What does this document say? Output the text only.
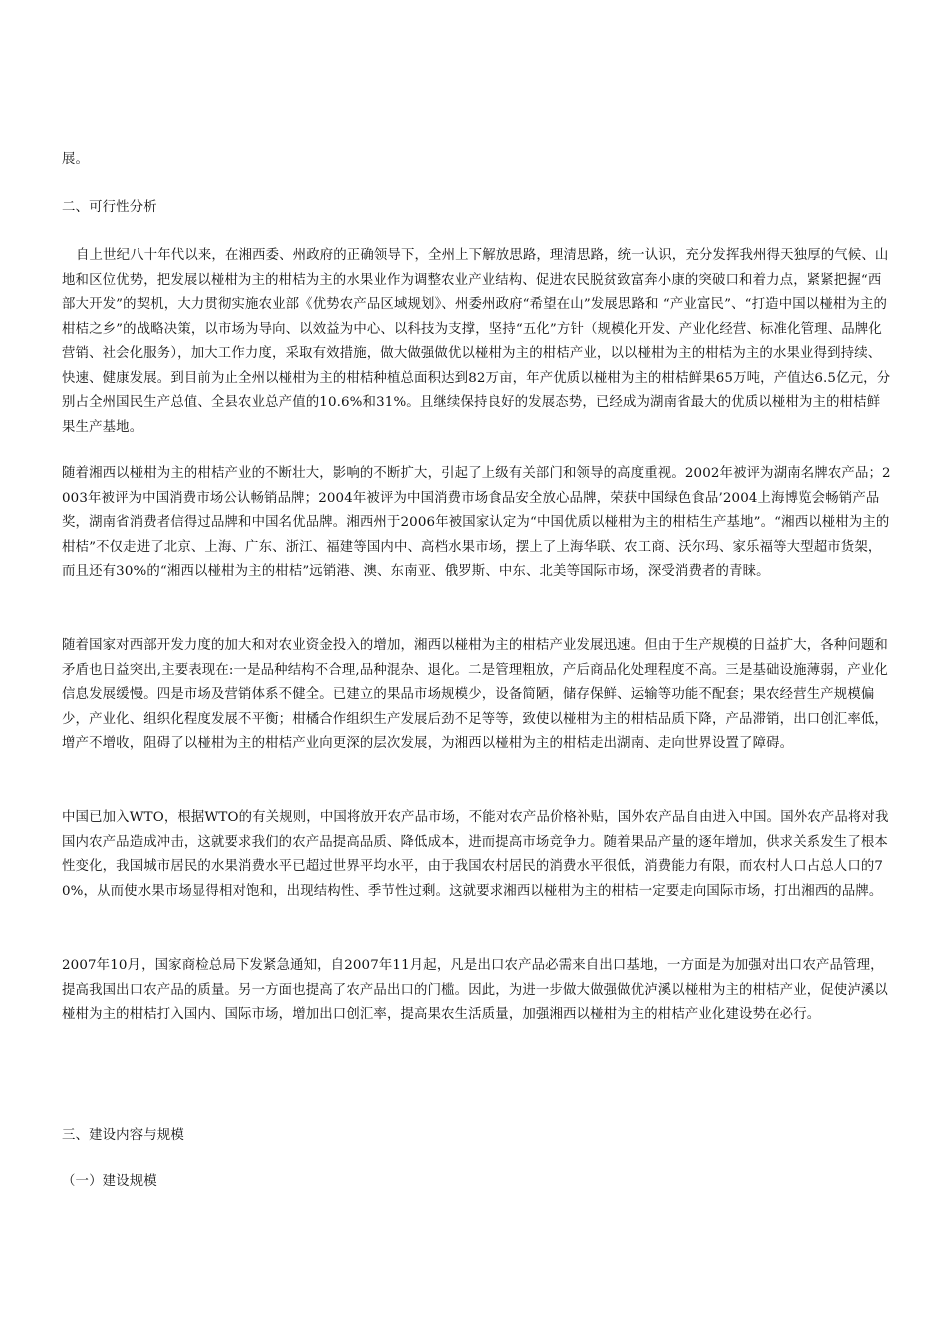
展。

二、可行性分析

自上世纪八十年代以来，在湘西委、州政府的正确领导下，全州上下解放思路，理清思路，统一认识，充分发挥我州得天独厚的气候、山地和区位优势，把发展以椪柑为主的柑桔为主的水果业作为调整农业产业结构、促进农民脱贫致富奔小康的突破口和着力点，紧紧把握“西部大开发”的契机，大力贯彻实施农业部《优势农产品区域规划》、州委州政府“希望在山”发展思路和 “产业富民”、“打造中国以椪柑为主的柑桔之乡”的战略决策，以市场为导向、以效益为中心、以科技为支撑，坚持“五化”方针（规模化开发、产业化经营、标准化管理、品牌化营销、社会化服务），加大工作力度，采取有效措施，做大做强做优以椪柑为主的柑桔产业，以以椪柑为主的柑桔为主的水果业得到持续、快速、健康发展。到目前为止全州以椪柑为主的柑桔种植总面积达到82万亩，年产优质以椪柑为主的柑桔鲜果65万吨，产值达6.5亿元，分别占全州国民生产总值、全县农业总产值的10.6%和31%。且继续保持良好的发展态势，已经成为湖南省最大的优质以椪柑为主的柑桔鲜果生产基地。

随着湘西以椪柑为主的柑桔产业的不断壮大，影响的不断扩大，引起了上级有关部门和领导的高度重视。2002年被评为湖南名牌农产品；2003年被评为中国消费市场公认畅销品牌；2004年被评为中国消费市场食品安全放心品牌，荣获中国绿色食品’2004上海博览会畅销产品奖，湖南省消费者信得过品牌和中国名优品牌。湘西州于2006年被国家认定为“中国优质以椪柑为主的柑桔生产基地”。“湘西以椪柑为主的柑桔”不仅走进了北京、上海、广东、浙江、福建等国内中、高档水果市场，摆上了上海华联、农工商、沃尔玛、家乐福等大型超市货架，而且还有30%的“湘西以椪柑为主的柑桔”远销港、澳、东南亚、俄罗斯、中东、北美等国际市场，深受消费者的青睐。

随着国家对西部开发力度的加大和对农业资金投入的增加，湘西以椪柑为主的柑桔产业发展迅速。但由于生产规模的日益扩大，各种问题和矛盾也日益突出,主要表现在:一是品种结构不合理,品种混杂、退化。二是管理粗放，产后商品化处理程度不高。三是基础设施薄弱，产业化信息发展缓慢。四是市场及营销体系不健全。已建立的果品市场规模少，设备简陋，储存保鲜、运输等功能不配套；果农经营生产规模偏少，产业化、组织化程度发展不平衡；柑橘合作组织生产发展后劲不足等等，致使以椪柑为主的柑桔品质下降，产品滞销，出口创汇率低，增产不增收，阻碍了以椪柑为主的柑桔产业向更深的层次发展，为湘西以椪柑为主的柑桔走出湖南、走向世界设置了障碍。

中国已加入WTO，根据WTO的有关规则，中国将放开农产品市场，不能对农产品价格补贴，国外农产品自由进入中国。国外农产品将对我国内农产品造成冲击，这就要求我们的农产品提高品质、降低成本，进而提高市场竞争力。随着果品产量的逐年增加，供求关系发生了根本性变化，我国城市居民的水果消费水平已超过世界平均水平，由于我国农村居民的消费水平很低，消费能力有限，而农村人口占总人口的70%，从而使水果市场显得相对饱和，出现结构性、季节性过剩。这就要求湘西以椪柑为主的柑桔一定要走向国际市场，打出湘西的品牌。

2007年10月，国家商检总局下发紧急通知，自2007年11月起，凡是出口农产品必需来自出口基地，一方面是为加强对出口农产品管理，提高我国出口农产品的质量。另一方面也提高了农产品出口的门槛。因此，为进一步做大做强做优泸溪以椪柑为主的柑桔产业，促使泸溪以椪柑为主的柑桔打入国内、国际市场，增加出口创汇率，提高果农生活质量，加强湘西以椪柑为主的柑桔产业化建设势在必行。

三、建设内容与规模

（一）建设规模
